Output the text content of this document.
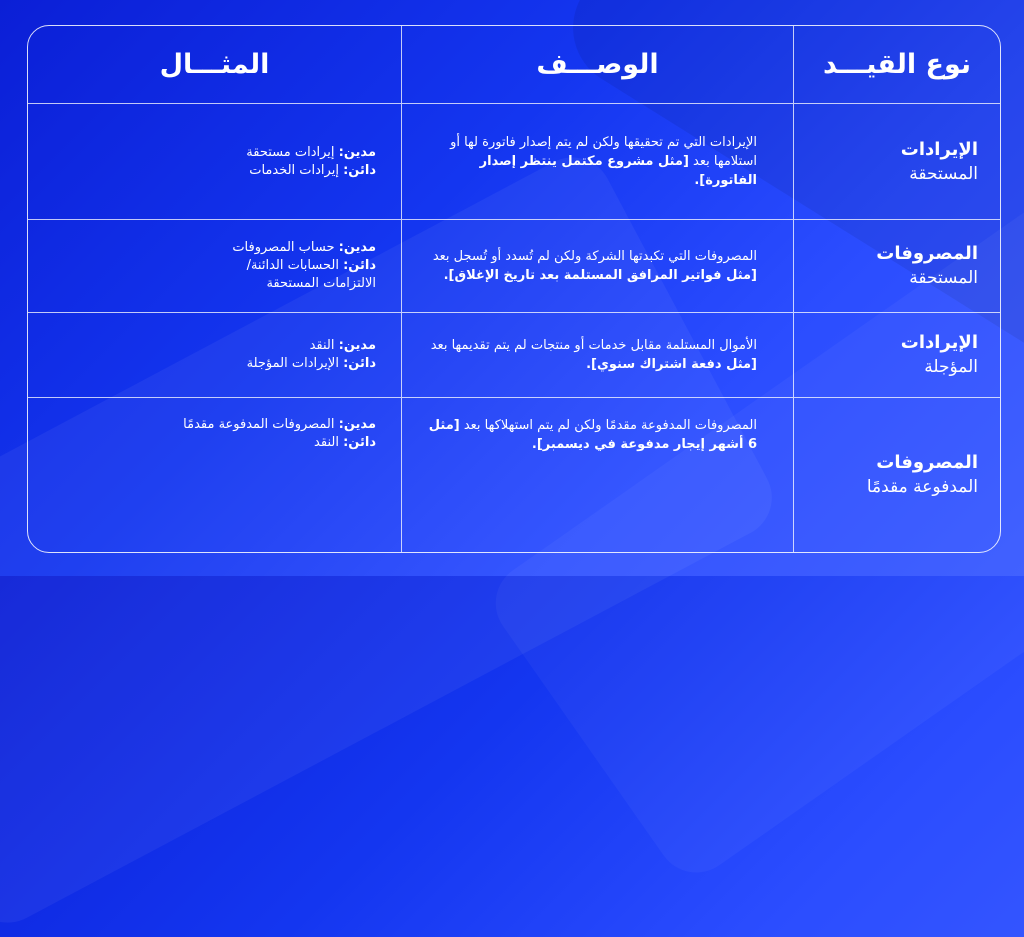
نوع القيـــد
الوصـــف
المثـــال
الإيرادات
المستحقة

الإيرادات التي تم تحقيقها ولكن لم يتم إصدار فاتورة لها أو استلامها بعد [مثل مشروع مكتمل ينتظر إصدار الفاتورة].

مدين: إيرادات مستحقة

دائن: إيرادات الخدمات

المصروفات
المستحقة

المصروفات التي تكبدتها الشركة ولكن لم تُسدد أو تُسجل بعد [مثل فواتير المرافق المستلمة بعد تاريخ الإغلاق].

مدين: حساب المصروفات

دائن: الحسابات الدائنة/

الالتزامات المستحقة

الإيرادات
المؤجلة

الأموال المستلمة مقابل خدمات أو منتجات لم يتم تقديمها بعد [مثل دفعة اشتراك سنوي].

مدين: النقد

دائن: الإيرادات المؤجلة

المصروفات
المدفوعة مقدمًا

المصروفات المدفوعة مقدمًا ولكن لم يتم استهلاكها بعد [مثل 6 أشهر إيجار مدفوعة في ديسمبر].

مدين: المصروفات المدفوعة مقدمًا

دائن: النقد
